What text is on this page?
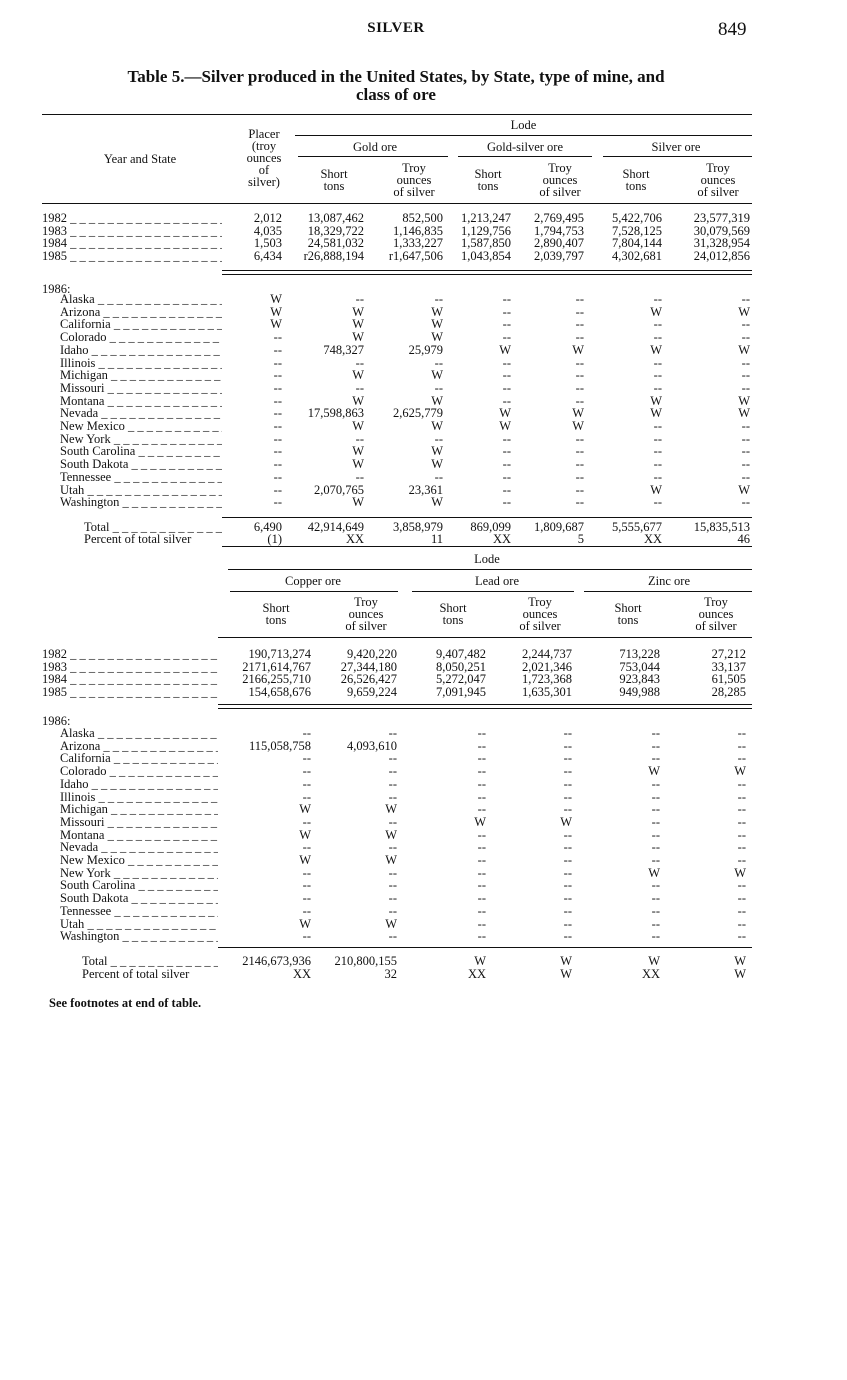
SILVER	849
Table 5.—Silver produced in the United States, by State, type of mine, and
class of ore
Year and State
Placer
(troy
ounces
of
silver)
Lode
Gold ore	Gold-silver ore	Silver ore
Short
tons
Troy
ounces
of silver
Short
tons
Troy
ounces
of silver
Short
tons
Troy
ounces
of silver
1982 _ _ _	2,012	13,087,462	852,500	1,213,247	2,769,495	5,422,706	23,577,319
1983 _ _ _	4,035	18,329,722	1,146,835	1,129,756	1,794,753	7,528,125	30,079,569
1984 _ _ _	1,503	24,581,032	1,333,227	1,587,850	2,890,407	7,804,144	31,328,954
1985 _ _ _	6,434	r26,888,194	r1,647,506	1,043,854	2,039,797	4,302,681	24,012,856
1986:
Alaska _ _ _	W	--	--	--	--	--	--
Arizona _ _ _	W	W	W	--	--	W	W
California _ _ _	W	W	W	--	--	--	--
Colorado _ _ _	--	W	W	--	--	--	--
Idaho _ _ _	--	748,327	25,979	W	W	W	W
Illinois _ _ _	--	--	--	--	--	--	--
Michigan _ _ _	--	W	W	--	--	--	--
Missouri _ _ _	--	--	--	--	--	--	--
Montana _ _ _	--	W	W	--	--	W	W
Nevada _ _ _	--	17,598,863	2,625,779	W	W	W	W
New Mexico _ _ _	--	W	W	W	W	--	--
New York _ _ _	--	--	--	--	--	--	--
South Carolina _ _ _	--	W	W	--	--	--	--
South Dakota _ _ _	--	W	W	--	--	--	--
Tennessee _ _ _	--	--	--	--	--	--	--
Utah _ _ _	--	2,070,765	23,361	--	--	W	W
Washington _ _ _	--	W	W	--	--	--	--
Total _ _ _	6,490	42,914,649	3,858,979	869,099	1,809,687	5,555,677	15,835,513
Percent of total silver	(1)	XX	11	XX	5	XX	46
Lode
Copper ore	Lead ore	Zinc ore
Short
tons
Troy
ounces
of silver
Short
tons
Troy
ounces
of silver
Short
tons
Troy
ounces
of silver
1982 _ _ _	190,713,274	9,420,220	9,407,482	2,244,737	713,228	27,212
1983 _ _ _	2171,614,767	27,344,180	8,050,251	2,021,346	753,044	33,137
1984 _ _ _	2166,255,710	26,526,427	5,272,047	1,723,368	923,843	61,505
1985 _ _ _	154,658,676	9,659,224	7,091,945	1,635,301	949,988	28,285
1986:
Alaska _ _ _	--	--	--	--	--	--
Arizona _ _ _	115,058,758	4,093,610	--	--	--	--
California _ _ _	--	--	--	--	--	--
Colorado _ _ _	--	--	--	--	W	W
Idaho _ _ _	--	--	--	--	--	--
Illinois _ _ _	--	--	--	--	--	--
Michigan _ _ _	W	W	--	--	--	--
Missouri _ _ _	--	--	W	W	--	--
Montana _ _ _	W	W	--	--	--	--
Nevada _ _ _	--	--	--	--	--	--
New Mexico _ _ _	W	W	--	--	--	--
New York _ _ _	--	--	--	--	W	W
South Carolina _ _ _	--	--	--	--	--	--
South Dakota _ _ _	--	--	--	--	--	--
Tennessee _ _ _	--	--	--	--	--	--
Utah _ _ _	W	W	--	--	--	--
Washington _ _ _	--	--	--	--	--	--
Total _ _ _	2146,673,936	210,800,155	W	W	W	W
Percent of total silver	XX	32	XX	W	XX	W
See footnotes at end of table.
